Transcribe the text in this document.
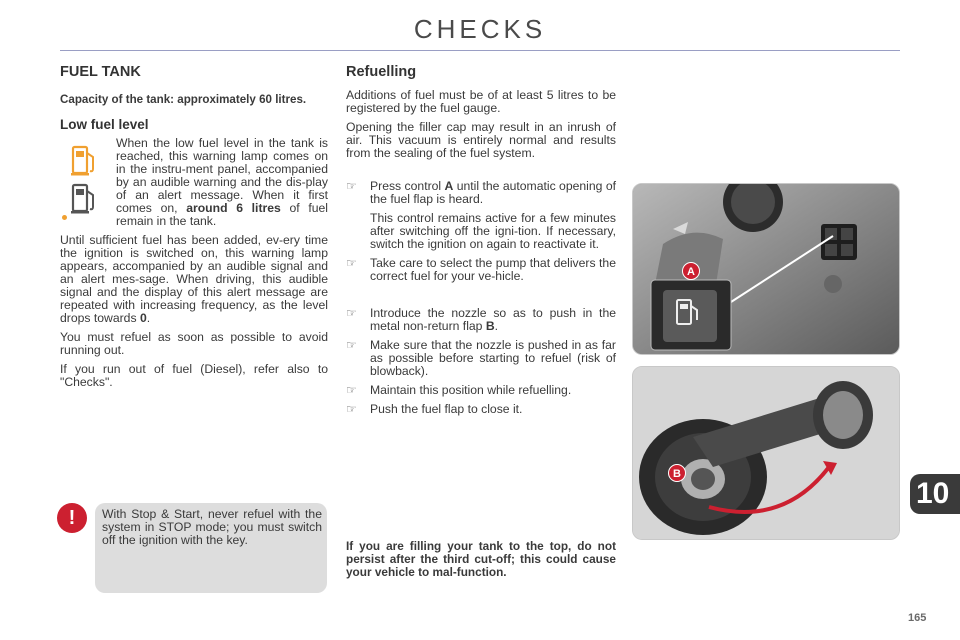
CHECKS
FUEL TANK
Capacity of the tank: approximately 60 litres.
Low fuel level

When the low fuel level in the tank is reached, this warning lamp comes on in the instru-ment panel, accompanied by an audible warning and the dis-play of an alert message. When it first comes on, around 6 litres of fuel remain in the tank.

Until sufficient fuel has been added, ev-ery time the ignition is switched on, this warning lamp appears, accompanied by an audible signal and an alert mes-sage. When driving, this audible signal and the display of this alert message are repeated with increasing frequency, as the level drops towards 0.

You must refuel as soon as possible to avoid running out.

If you run out of fuel (Diesel), refer also to "Checks".

!	With Stop & Start, never refuel with the system in STOP mode; you must switch off the ignition with the key.
Refuelling

Additions of fuel must be of at least 5 litres to be registered by the fuel gauge.

Opening the filler cap may result in an inrush of air. This vacuum is entirely normal and results from the sealing of the fuel system.

☞ Press control A until the automatic opening of the fuel flap is heard.
This control remains active for a few minutes after switching off the igni-tion. If necessary, switch the ignition on again to reactivate it.
☞ Take care to select the pump that delivers the correct fuel for your ve-hicle.
☞ Introduce the nozzle so as to push in the metal non-return flap B.
☞ Make sure that the nozzle is pushed in as far as possible before starting to refuel (risk of blowback).
☞ Maintain this position while refuelling.
☞ Push the fuel flap to close it.
If you are filling your tank to the top, do not persist after the third cut-off; this could cause your vehicle to mal-function.
A
B
10
165
